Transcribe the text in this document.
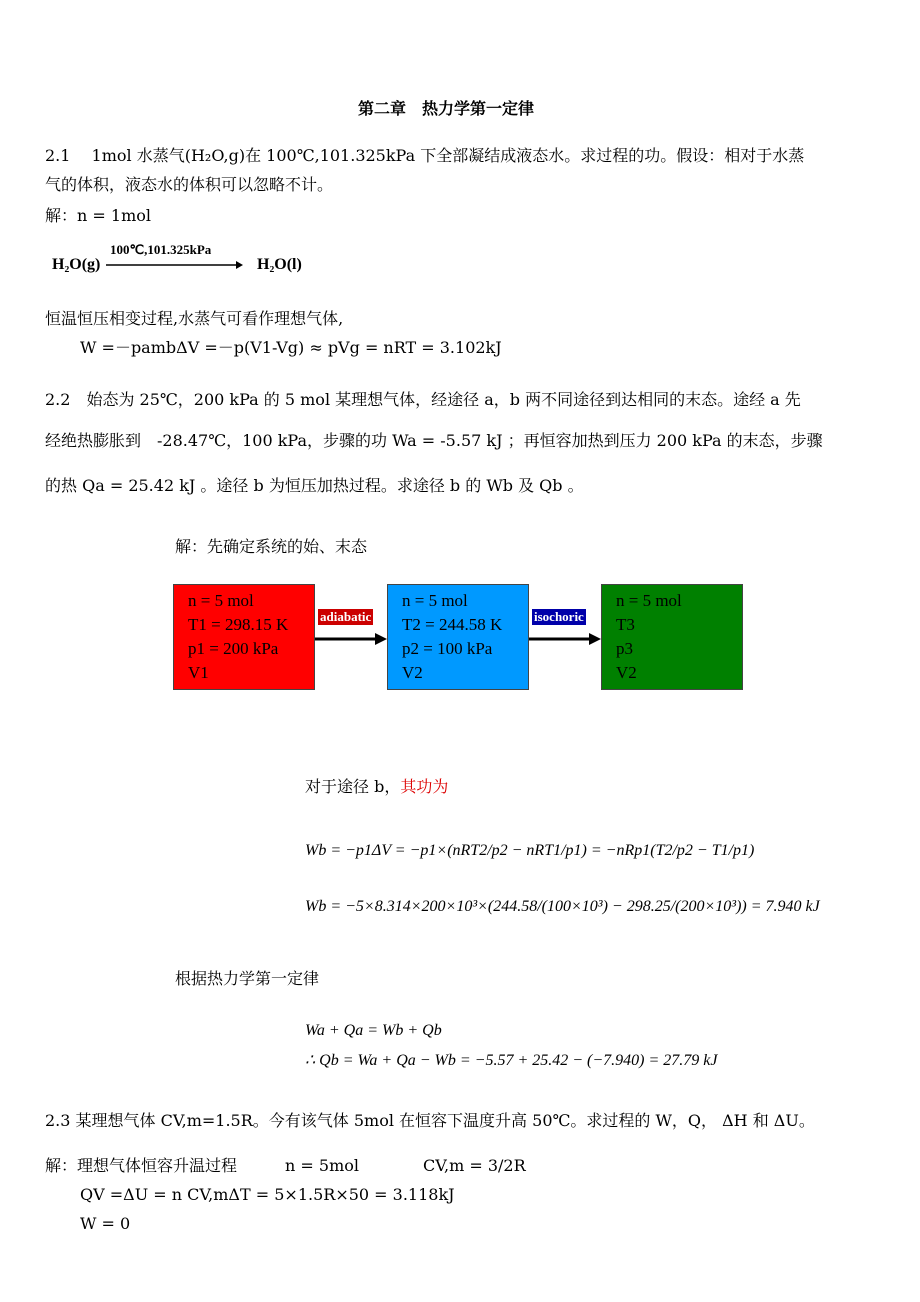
第二章　热力学第一定律
2.1　 1mol 水蒸气(H₂O,g)在 100℃,101.325kPa 下全部凝结成液态水。求过程的功。假设：相对于水蒸
气的体积，液态水的体积可以忽略不计。
解：n = 1mol
H₂O(g)
100℃,101.325kPa
H₂O(l)
恒温恒压相变过程,水蒸气可看作理想气体,
W =－pambΔV =－p(V1-Vg) ≈ pVg = nRT = 3.102kJ
2.2　始态为 25℃，200 kPa 的 5 mol 某理想气体，经途径 a，b 两不同途径到达相同的末态。途经 a 先
经绝热膨胀到　-28.47℃，100 kPa，步骤的功 Wa = -5.57 kJ ；再恒容加热到压力 200 kPa 的末态，步骤
的热 Qa = 25.42 kJ 。途径 b 为恒压加热过程。求途径 b 的 Wb 及 Qb 。
解：先确定系统的始、末态
n = 5 mol
T1 = 298.15 K
p1 = 200 kPa
V1
adiabatic
n = 5 mol
T2 = 244.58 K
p2 = 100 kPa
V2
isochoric
n = 5 mol
T3
p3
V2
对于途径 b，其功为
Wb = −p1ΔV = −p1×(nRT2/p2 − nRT1/p1) = −nRp1(T2/p2 − T1/p1)
Wb = −5×8.314×200×10³×(244.58/(100×10³) − 298.25/(200×10³)) = 7.940 kJ
根据热力学第一定律
Wa + Qa = Wb + Qb
∴ Qb = Wa + Qa − Wb = −5.57 + 25.42 − (−7.940) = 27.79 kJ
2.3 某理想气体 CV,m=1.5R。今有该气体 5mol 在恒容下温度升高 50℃。求过程的 W，Q， ΔH 和 ΔU。
解：理想气体恒容升温过程　　　n = 5mol　　　　CV,m = 3/2R
QV =ΔU = n CV,mΔT = 5×1.5R×50 = 3.118kJ
W = 0
